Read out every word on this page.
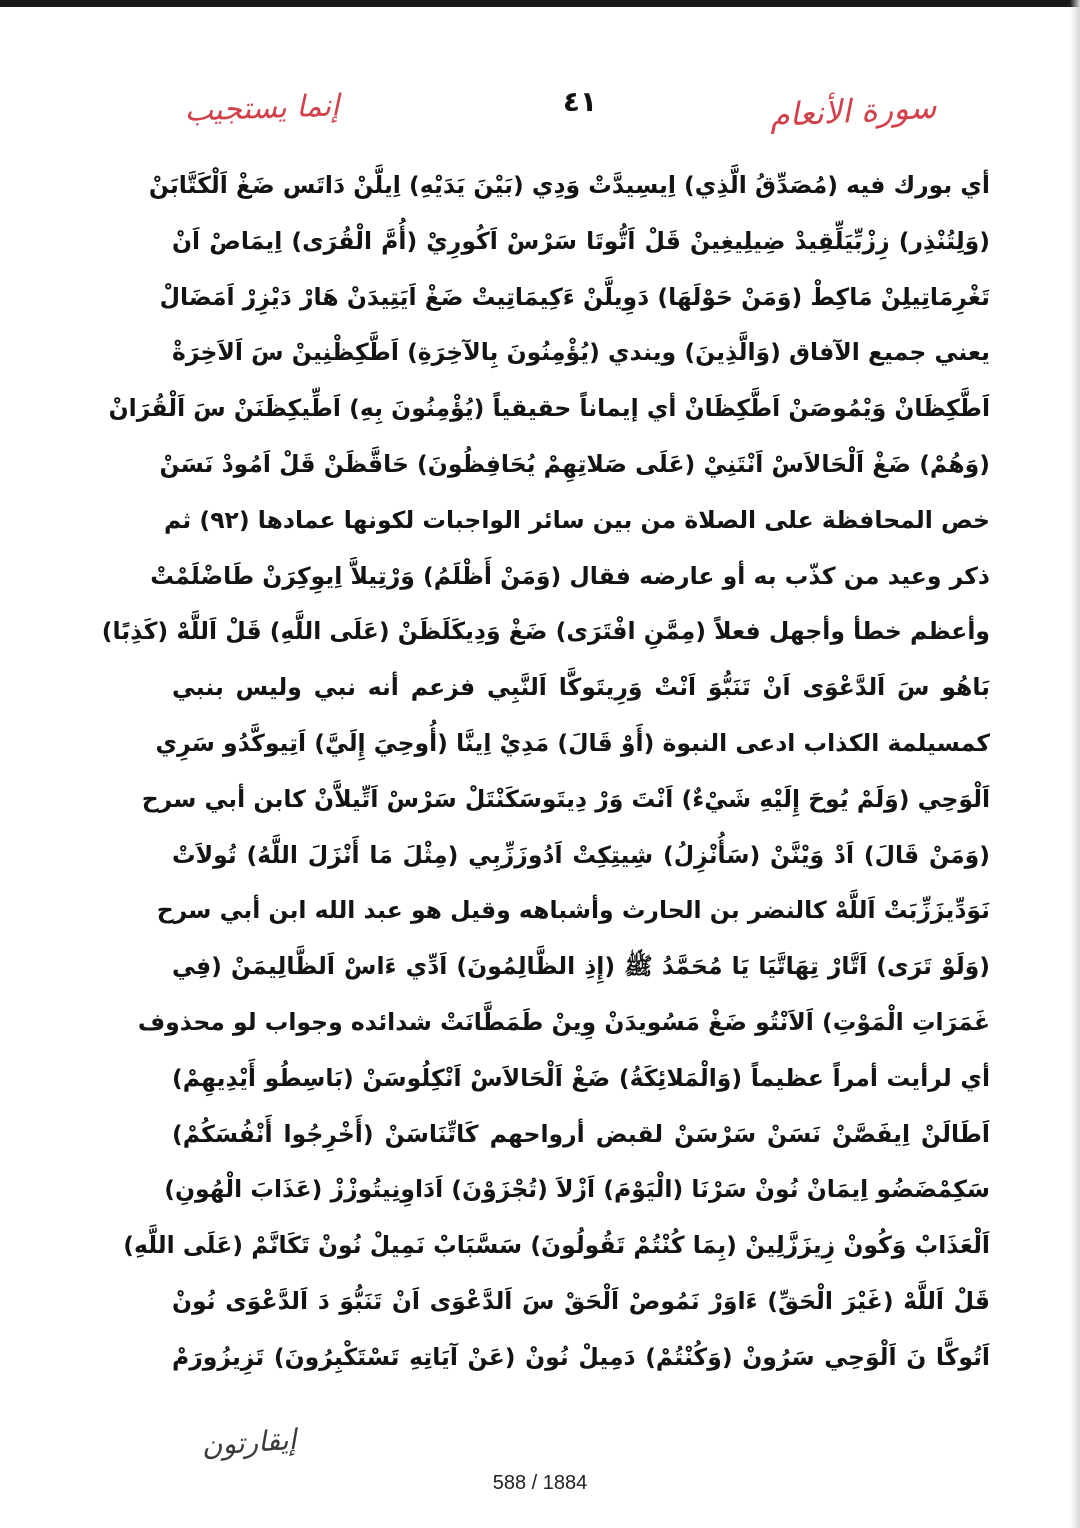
إنما يستجيب	٤١	سورة الأنعام
أي بورك فيه (مُصَدِّقُ الَّذِي) اِيسِيدَّتْ وَدِي (بَيْنَ يَدَيْهِ) اِيلَّنْ دَاتَس ضَغْ اَلْكَتَّابَنْ
(وَلِتُنْذِر) زِزْبِّيَلِّقِيدْ ضِيلِيغِينْ قَلْ اَتُّوتَا سَرْسْ اَكُورِيْ (أُمَّ الْقُرَى) اِيمَاصْ اَنْ
تَغْرِمَاتِيلِنْ مَاكِطْ (وَمَنْ حَوْلَهَا) دَوِيلَّنْ ءَكِيمَاتِيتْ ضَغْ اَيَتِيدَنْ هَارْ دَيْزِرْ اَمَضَالْ
يعني جميع الآفاق (وَالَّذِينَ) ويندي (يُؤْمِنُونَ بِالآخِرَةِ) اَطَّكِظْنِينْ سَ اَلاَخِرَةْ
اَطَّكِظَانْ وَيْمُوصَنْ اَطَّكِظَانْ أي إيماناً حقيقياً (يُؤْمِنُونَ بِهِ) اَطِّيكِظَنَنْ سَ اَلْقُرَانْ
(وَهُمْ) ضَغْ اَلْحَالاَسْ اَنْتَنِيْ (عَلَى صَلاتِهِمْ يُحَافِظُونَ) حَاقَّظَنْ قَلْ اَمُودْ نَسَنْ
خص المحافظة على الصلاة من بين سائر الواجبات لكونها عمادها (٩٢) ثم
ذكر وعيد من كذّب به أو عارضه فقال (وَمَنْ أَظْلَمُ) وَرْتِيلاَّ اِيوِكِرَنْ طَاضْلَمْتْ
وأعظم خطأ وأجهل فعلاً (مِمَّنِ افْتَرَى) ضَغْ وَدِيكَلَظَنْ (عَلَى اللَّهِ) قَلْ اَللَّهْ (كَذِبًا)
بَاهُو سَ اَلدَّعْوَى اَنْ تَنَبُّوَ اَنْتْ وَرِيتَوكَّا اَلنَّبِي فزعم أنه نبي وليس بنبي
كمسيلمة الكذاب ادعى النبوة (أَوْ قَالَ) مَدِيْ اِينَّا (أُوحِيَ إِلَيَّ) اَتِيوكَّدُو سَرِي
اَلْوَحِي (وَلَمْ يُوحَ إِلَيْهِ شَيْءٌ) اَنْتَ وَرْ دِيتَوسَكَنْتَلْ سَرْسْ اَتِّيلاَّنْ كابن أبي سرح
(وَمَنْ قَالَ) اَدْ وَيْنَّنْ (سَأُنْزِلُ) شِيتِكِتْ اَدُوزَزِّبِي (مِثْلَ مَا أَنْزَلَ اللَّهُ) تُولاَتْ
نَوَدِّيزَزِّبَتْ اَللَّهْ كالنضر بن الحارث وأشباهه وقيل هو عبد الله ابن أبي سرح
(وَلَوْ تَرَى) اَتَّارْ تِهَاتَّيَا يَا مُحَمَّدُ ﷺ (إِذِ الظَّالِمُونَ) اَدِّي ءَاسْ اَلظَّالِيمَنْ (فِي
غَمَرَاتِ الْمَوْتِ) اَلاَنْتُو ضَغْ مَسُويدَنْ وِينْ طَمَطَّانَتْ شدائده وجواب لو محذوف
أي لرأيت أمراً عظيماً (وَالْمَلائِكَةُ) ضَغْ اَلْحَالاَسْ اَنْكِلُوسَنْ (بَاسِطُو أَيْدِيهِمْ)
اَطَالَنْ اِيفَصَّنْ نَسَنْ سَرْسَنْ لقبض أرواحهم كَاتِّنَاسَنْ (أَخْرِجُوا أَنْفُسَكُمْ)
سَكِمْضَضُو اِيمَانْ نُونْ سَرْنَا (الْيَوْمَ) اَزْلاَ (تُجْزَوْنَ) اَدَاوِنِيتُوزْزْ (عَذَابَ الْهُونِ)
اَلْعَذَابْ وَكُونْ زِيزَزَّلِينْ (بِمَا كُنْتُمْ تَقُولُونَ) سَسَّبَابْ نَمِيلْ نُونْ تَكَانَّمْ (عَلَى اللَّهِ)
قَلْ اَللَّهْ (غَيْرَ الْحَقِّ) ءَاوَرْ نَمُوصْ اَلْحَقْ سَ اَلدَّعْوَى اَنْ تَنَبُّوَ دَ اَلدَّعْوَى نُونْ
اَتُوكَّا نَ اَلْوَحِي سَرُونْ (وَكُنْتُمْ) دَمِيلْ نُونْ (عَنْ آيَاتِهِ تَسْتَكْبِرُونَ) تَزِيزُورَمْ
إيقارتون
588 / 1884
